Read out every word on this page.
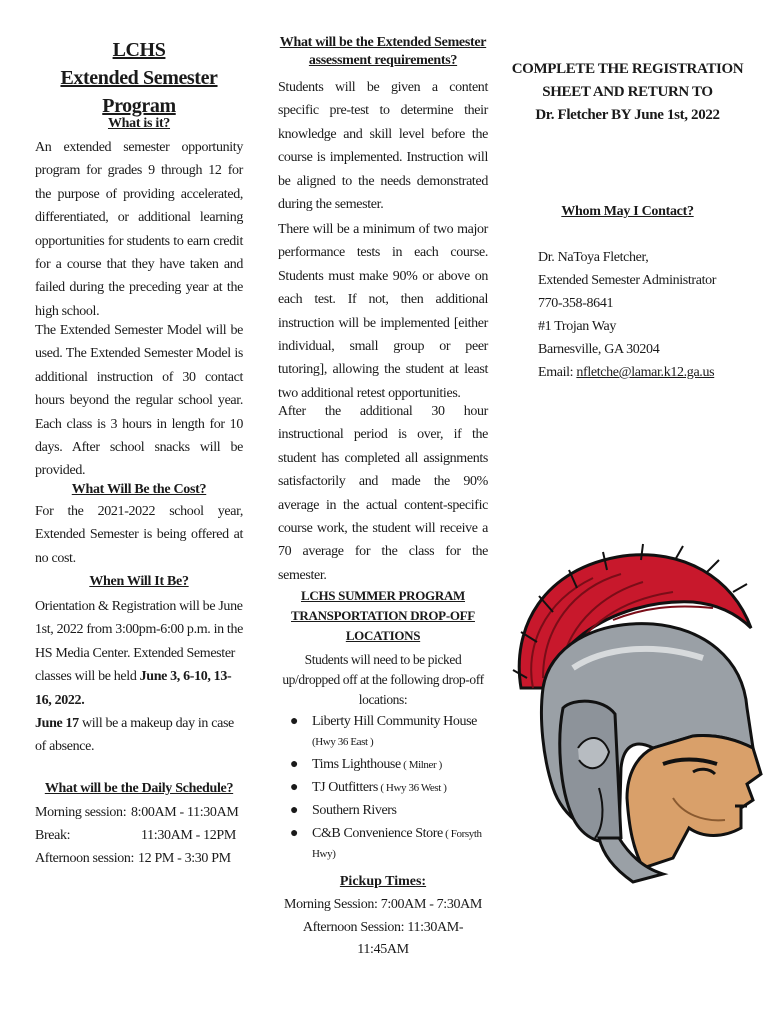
LCHS
Extended Semester Program
What is it?
An extended semester opportunity program for grades 9 through 12 for the purpose of providing accelerated, differentiated, or additional learning opportunities for students to earn credit for a course that they have taken and failed during the preceding year at the high school.
The Extended Semester Model will be used. The Extended Semester Model is additional instruction of 30 contact hours beyond the regular school year. Each class is 3 hours in length for 10 days. After school snacks will be provided.
What Will Be the Cost?
For the 2021-2022 school year, Extended Semester is being offered at no cost.
When Will It Be?
Orientation & Registration will be June 1st, 2022 from 3:00pm-6:00 p.m. in the HS Media Center. Extended Semester classes will be held June 3, 6-10, 13-16, 2022.
June 17 will be a makeup day in case of absence.
What will be the Daily Schedule?
Morning session: 8:00AM - 11:30AM
Break:	11:30AM - 12PM
Afternoon session: 12 PM - 3:30 PM
What will be the Extended Semester
assessment requirements?
Students will be given a content specific pre-test to determine their knowledge and skill level before the course is implemented. Instruction will be aligned to the needs demonstrated during the semester.
There will be a minimum of two major performance tests in each course. Students must make 90% or above on each test. If not, then additional instruction will be implemented [either individual, small group or peer tutoring], allowing the student at least two additional retest opportunities.
After the additional 30 hour instructional period is over, if the student has completed all assignments satisfactorily and made the 90% average in the actual content-specific course work, the student will receive a 70 average for the class for the semester.
LCHS SUMMER PROGRAM
TRANSPORTATION DROP-OFF
LOCATIONS
Students will need to be picked up/dropped off at the following drop-off locations:
● Liberty Hill Community House (Hwy 36 East )
● Tims Lighthouse ( Milner )
● TJ Outfitters ( Hwy 36 West )
● Southern Rivers
● C&B Convenience Store ( Forsyth Hwy)
Pickup Times:
Morning Session: 7:00AM - 7:30AM
Afternoon Session: 11:30AM-11:45AM
COMPLETE THE REGISTRATION
SHEET AND RETURN TO
Dr. Fletcher BY June 1st, 2022
Whom May I Contact?
Dr. NaToya Fletcher,
Extended Semester Administrator
770-358-8641
#1 Trojan Way
Barnesville, GA 30204
Email: nfletche@lamar.k12.ga.us
